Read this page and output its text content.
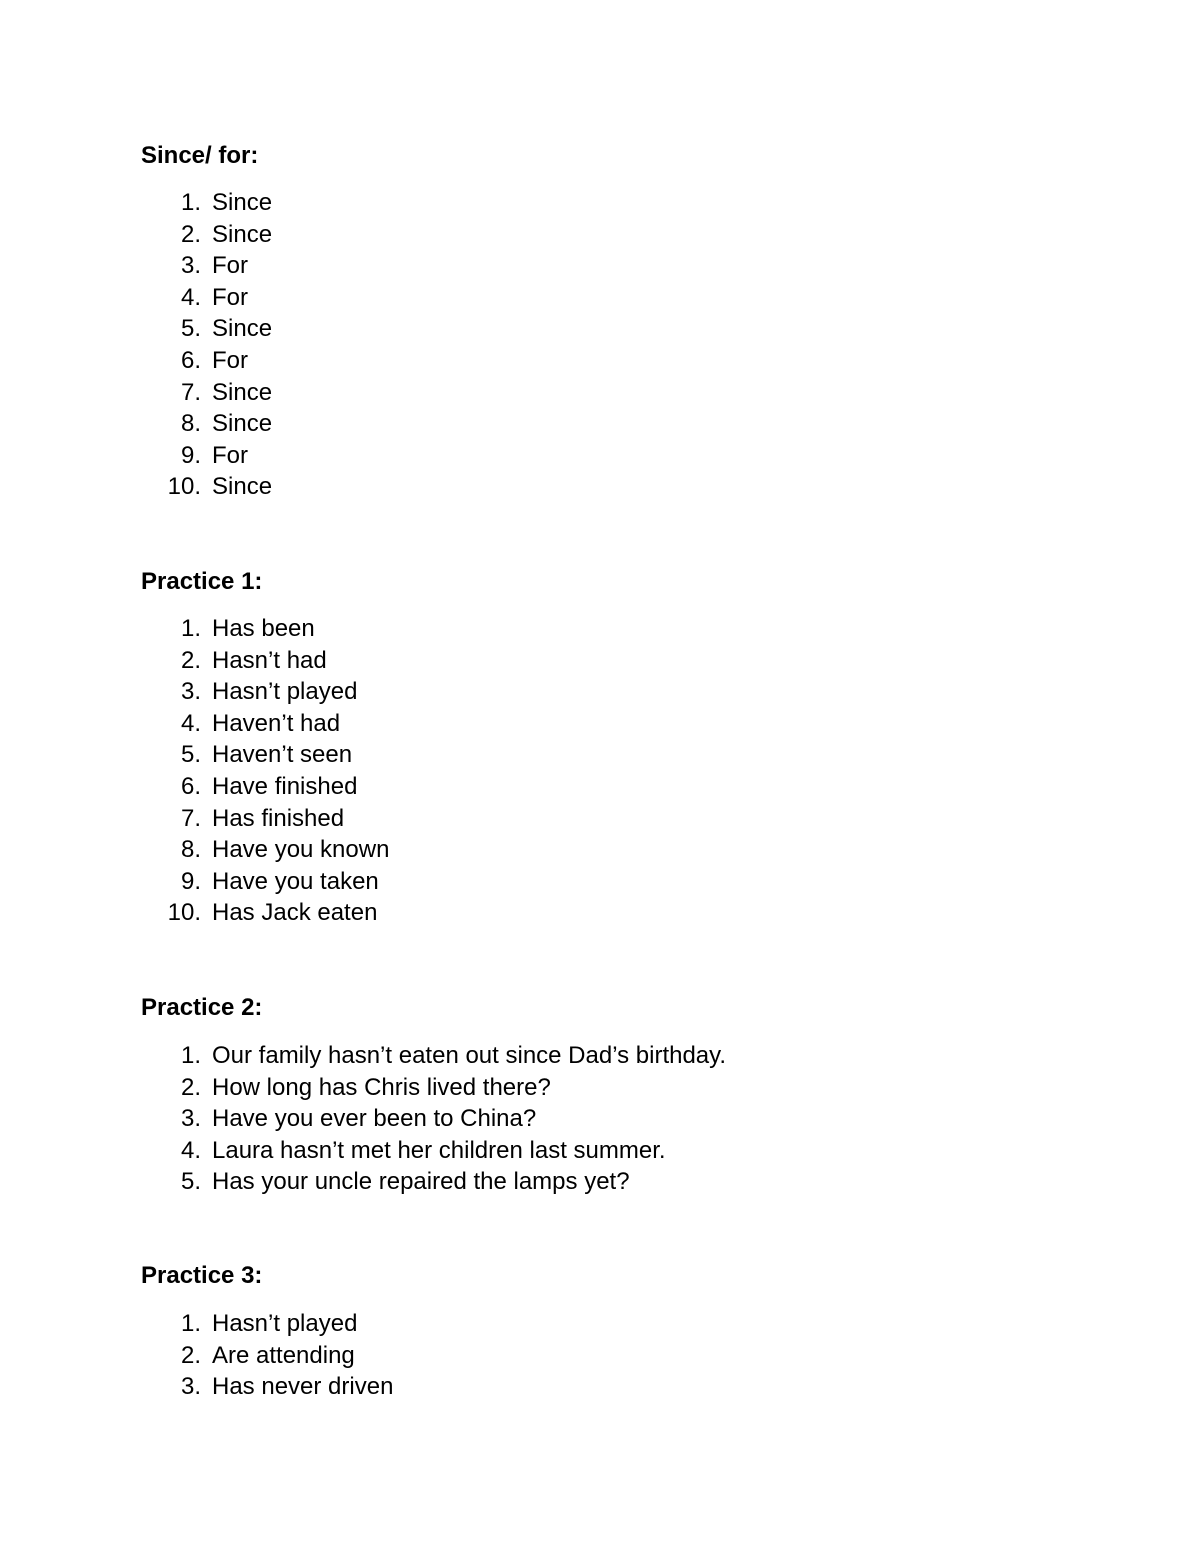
Since/ for:

1. Since
2. Since
3. For
4. For
5. Since
6. For
7. Since
8. Since
9. For
10. Since

Practice 1:

1. Has been
2. Hasn’t had
3. Hasn’t played
4. Haven’t had
5. Haven’t seen
6. Have finished
7. Has finished
8. Have you known
9. Have you taken
10. Has Jack eaten

Practice 2:

1. Our family hasn’t eaten out since Dad’s birthday.
2. How long has Chris lived there?
3. Have you ever been to China?
4. Laura hasn’t met her children last summer.
5. Has your uncle repaired the lamps yet?

Practice 3:

1. Hasn’t played
2. Are attending
3. Has never driven
